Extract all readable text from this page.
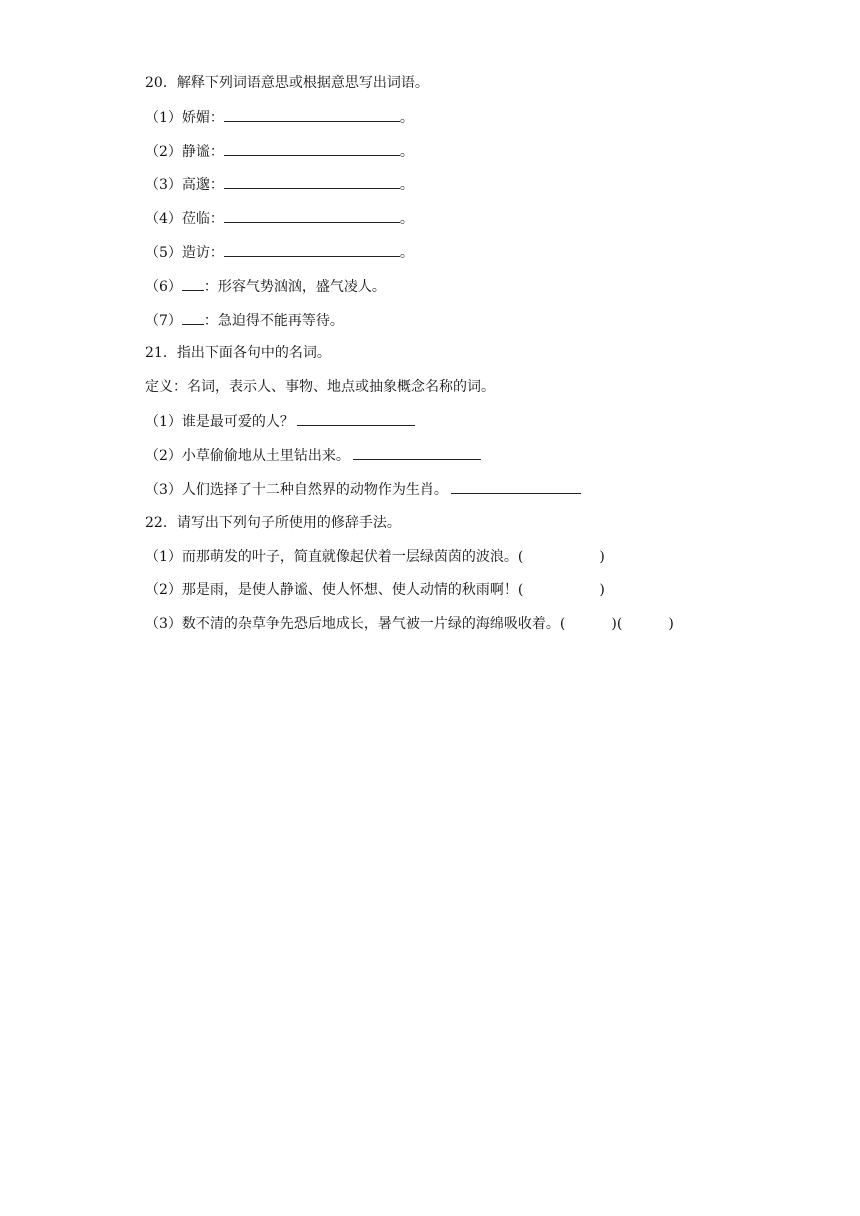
20．解释下列词语意思或根据意思写出词语。
（1）娇媚：	。
（2）静谧：	。
（3）高邈：	。
（4）莅临：	。
（5）造访：	。
（6） ：形容气势汹汹，盛气凌人。
（7） ：急迫得不能再等待。
21．指出下面各句中的名词。
定义：名词，表示人、事物、地点或抽象概念名称的词。
（1）谁是最可爱的人？
（2）小草偷偷地从土里钻出来。
（3）人们选择了十二种自然界的动物作为生肖。
22．请写出下列句子所使用的修辞手法。
（1）而那萌发的叶子，简直就像起伏着一层绿茵茵的波浪。(	)
（2）那是雨，是使人静谧、使人怀想、使人动情的秋雨啊！(	)
（3）数不清的杂草争先恐后地成长，暑气被一片绿的海绵吸收着。(	)(	)
